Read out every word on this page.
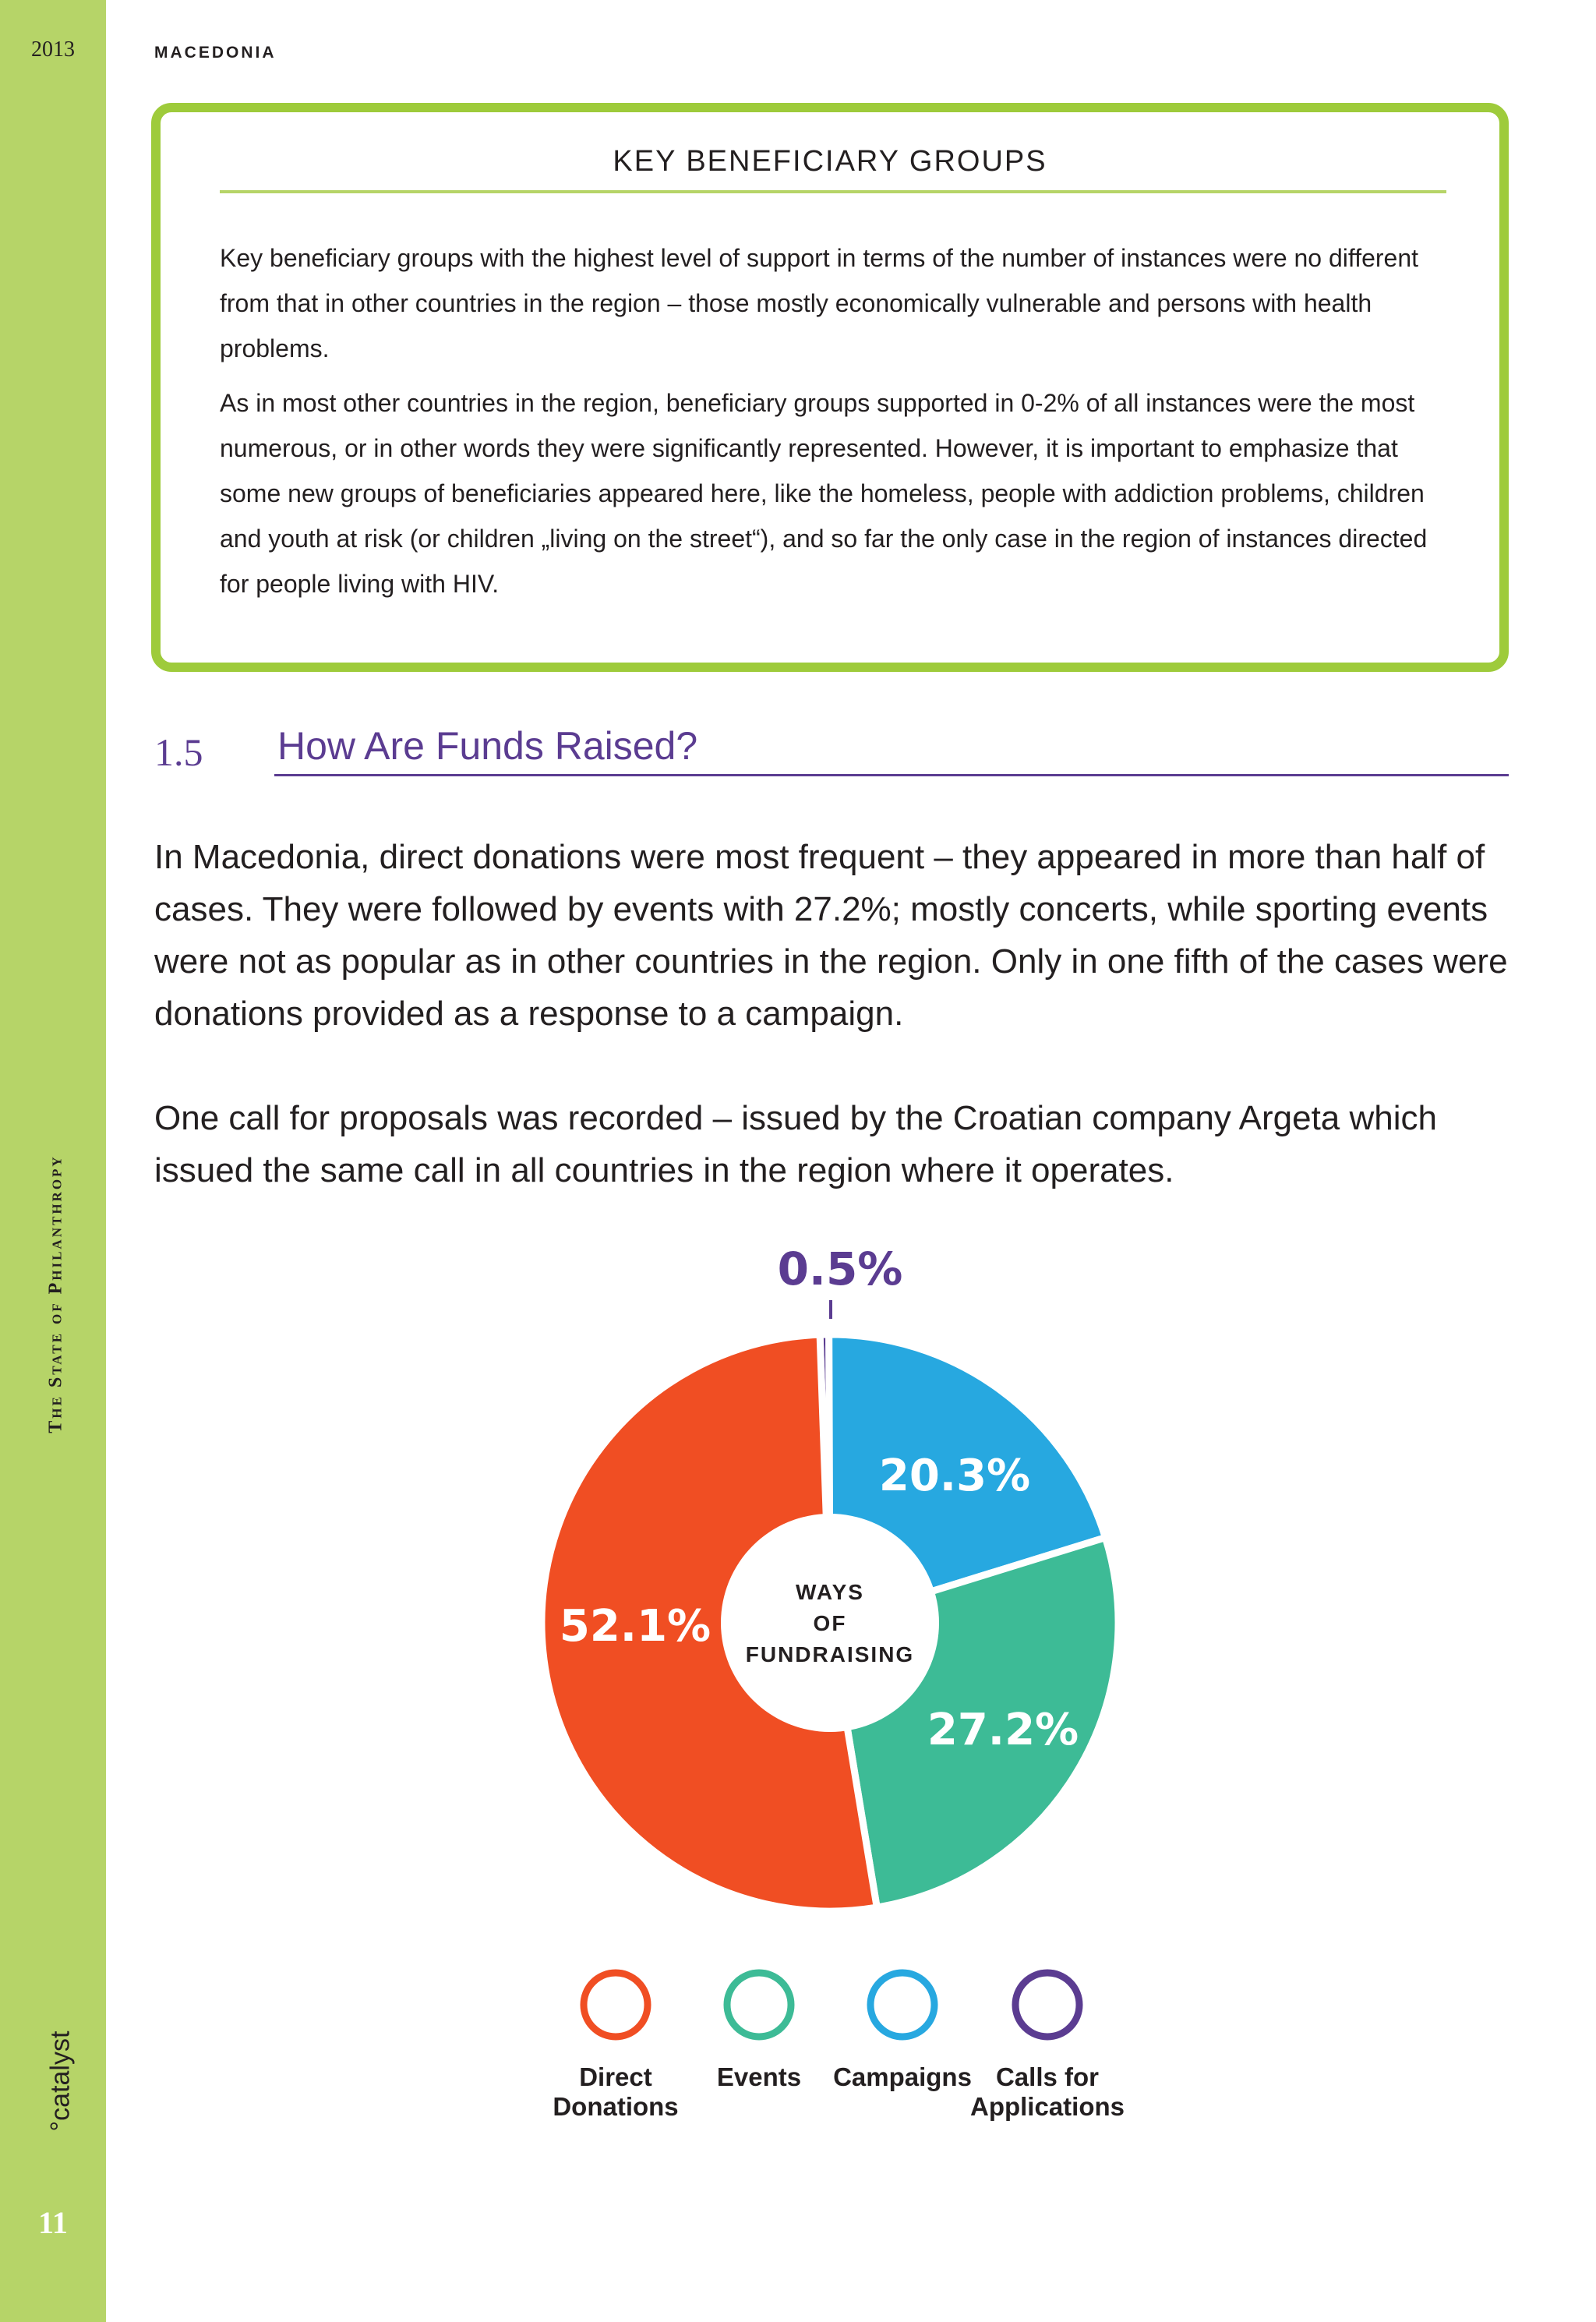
2013	MACEDONIA
The State of Philanthropy
°catalyst
11
KEY BENEFICIARY GROUPS

Key beneficiary groups with the highest level of support in terms of the number of instances were no different from that in other countries in the region – those mostly economically vulnerable and persons with health problems.

As in most other countries in the region, beneficiary groups supported in 0-2% of all instances were the most numerous, or in other words they were significantly represented. However, it is important to emphasize that some new groups of beneficiaries appeared here, like the homeless, people with addiction problems, children and youth at risk (or children „living on the street“), and so far the only case in the region of instances directed for people living with HIV.

1.5 How Are Funds Raised?

In Macedonia, direct donations were most frequent – they appeared in more than half of cases. They were followed by events with 27.2%; mostly concerts, while sporting events were not as popular as in other countries in the region. Only in one fifth of the cases were donations provided as a response to a campaign.

One call for proposals was recorded – issued by the Croatian company Argeta which issued the same call in all countries in the region where it operates.

WAYS
OF
FUNDRAISING
52.1%
27.2%
20.3%
0.5%
Direct
Donations
Events	Campaigns Calls for
Applications
